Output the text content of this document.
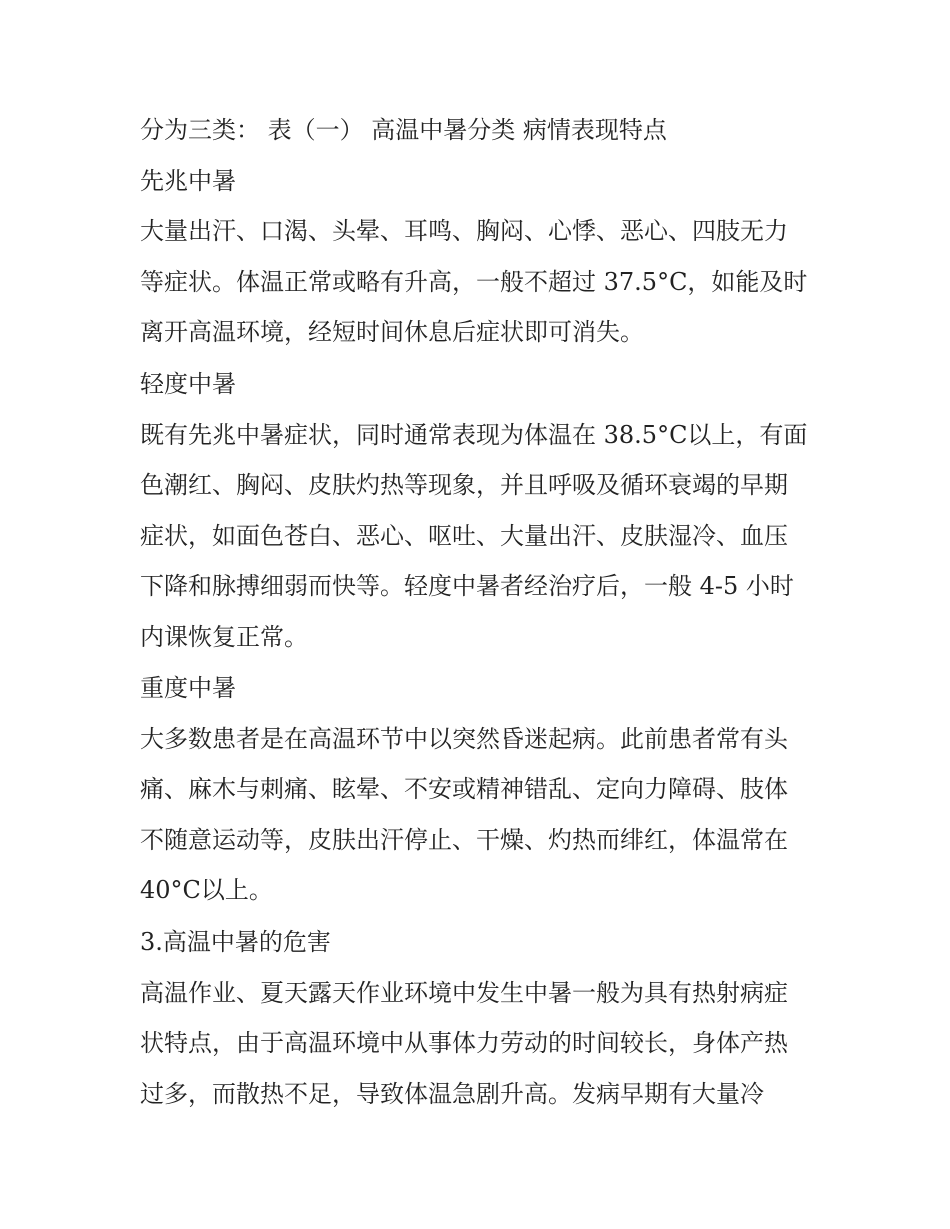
分为三类： 表（一） 高温中暑分类 病情表现特点
先兆中暑
大量出汗、口渴、头晕、耳鸣、胸闷、心悸、恶心、四肢无力
等症状。体温正常或略有升高，一般不超过 37.5°C，如能及时
离开高温环境，经短时间休息后症状即可消失。
轻度中暑
既有先兆中暑症状，同时通常表现为体温在 38.5°C以上，有面
色潮红、胸闷、皮肤灼热等现象，并且呼吸及循环衰竭的早期
症状，如面色苍白、恶心、呕吐、大量出汗、皮肤湿冷、血压
下降和脉搏细弱而快等。轻度中暑者经治疗后，一般 4-5 小时
内课恢复正常。
重度中暑
大多数患者是在高温环节中以突然昏迷起病。此前患者常有头
痛、麻木与刺痛、眩晕、不安或精神错乱、定向力障碍、肢体
不随意运动等，皮肤出汗停止、干燥、灼热而绯红，体温常在
40°C以上。
3.高温中暑的危害
高温作业、夏天露天作业环境中发生中暑一般为具有热射病症
状特点，由于高温环境中从事体力劳动的时间较长，身体产热
过多，而散热不足，导致体温急剧升高。发病早期有大量冷
